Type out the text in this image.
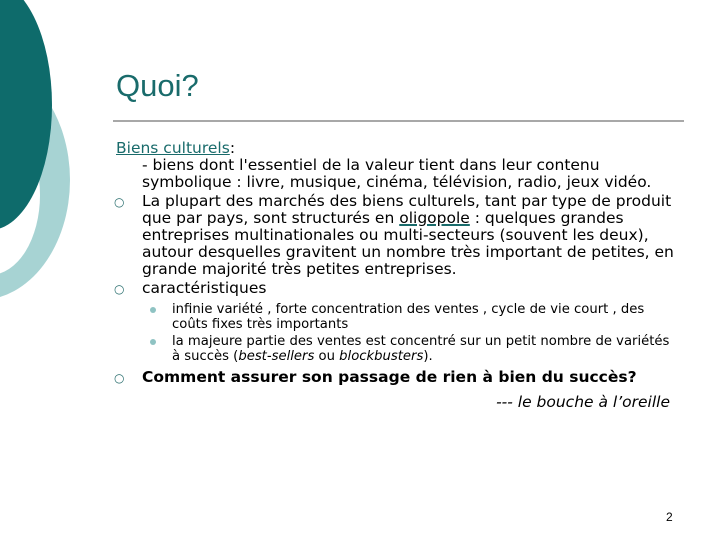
Quoi?

Biens culturels:

- biens dont l'essentiel de la valeur tient dans leur contenu symbolique : livre, musique, cinéma, télévision, radio, jeux vidéo.

○ La plupart des marchés des biens culturels, tant par type de produit que par pays, sont structurés en oligopole : quelques grandes entreprises multinationales ou multi-secteurs (souvent les deux), autour desquelles gravitent un nombre très important de petites, en grande majorité très petites entreprises.

○ caractéristiques

infinie variété , forte concentration des ventes , cycle de vie court , des coûts fixes très importants

la majeure partie des ventes est concentré sur un petit nombre de variétés à succès (best-sellers ou blockbusters).

○ Comment assurer son passage de rien à bien du succès?

--- le bouche à l’oreille

2
